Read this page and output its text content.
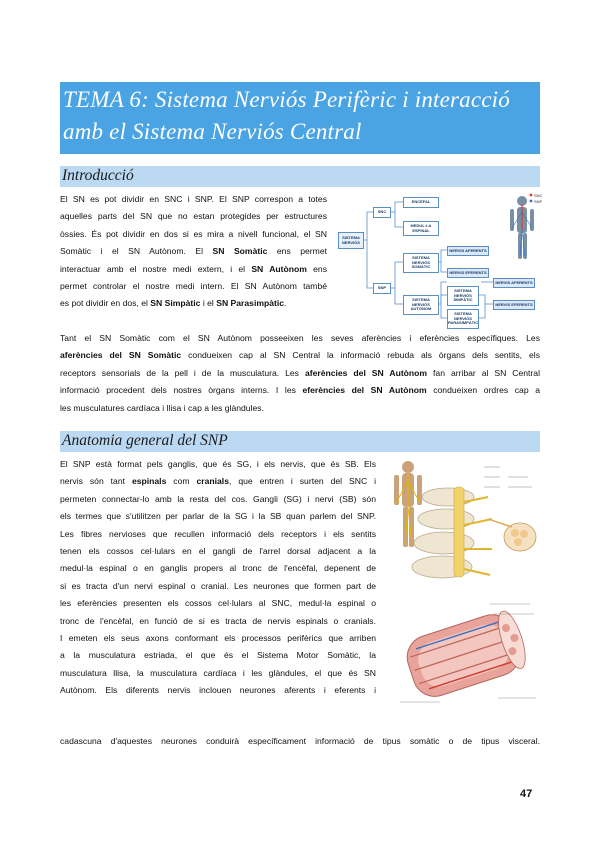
TEMA 6: Sistema Nerviós Perifèric i interacció
amb el Sistema Nerviós Central
Introducció
El SN es pot dividir en SNC i SNP. El SNP correspon a totes
aquelles parts del SN que no estan protegides per estructures
òssies. És pot dividir en dos si es mira a nivell funcional, el SN
Somàtic i el SN Autònom. El SN Somàtic ens permet
interactuar amb el nostre medi extern, i el SN Autònom ens
permet controlar el nostre medi intern. El SN Autònom també
es pot dividir en dos, el SN Simpàtic i el SN Parasimpàtic.
SNC
SNP
SISTEMA NERVIÓS
SNC
SNP
ENCÈFAL
MEDUL·LA ESPINAL
SISTEMA NERVIÓS SOMÀTIC
SISTEMA NERVIÓS AUTÒNOM
NERVIS AFERENTS
NERVIS EFERENTS
SISTEMA NERVIÓS SIMPÀTIC
SISTEMA NERVIÓS PARASIMPÀTIC
NERVIS AFERENTS
NERVIS EFERENTS
Tant el SN Somàtic com el SN Autònom posseeixen les seves aferències i eferències específiques. Les
aferències del SN Somàtic condueixen cap al SN Central la informació rebuda als òrgans dels sentits, els
receptors sensorials de la pell i de la musculatura. Les aferències del SN Autònom fan arribar al SN Central
informació procedent dels nostres òrgans interns. I les eferències del SN Autònom condueixen ordres cap a
les musculatures cardíaca i llisa i cap a les glàndules.
Anatomia general del SNP
El SNP està format pels ganglis, que és SG, i els nervis, que és SB. Els
nervis són tant espinals com cranials, que entren i surten del SNC i
permeten connectar-lo amb la resta del cos. Gangli (SG) i nervi (SB) són
els termes que s'utilitzen per parlar de la SG i la SB quan parlem del SNP.
Les fibres nervioses que recullen informació dels receptors i els sentits
tenen els cossos cel·lulars en el gangli de l'arrel dorsal adjacent a la
medul·la espinal o en ganglis propers al tronc de l'encèfal, depenent de
si es tracta d'un nervi espinal o cranial. Les neurones que formen part de
les eferències presenten els cossos cel·lulars al SNC, medul·la espinal o
tronc de l'encèfal, en funció de si es tracta de nervis espinals o cranials.
I emeten els seus axons conformant els processos perifèrics que arriben
a la musculatura estriada, el que és el Sistema Motor Somàtic, la
musculatura llisa, la musculatura cardíaca i les glàndules, el que és SN
Autònom. Els diferents nervis inclouen neurones aferents i eferents i
cadascuna d'aquestes neurones conduirà específicament informació de tipus somàtic o de tipus visceral.
47
